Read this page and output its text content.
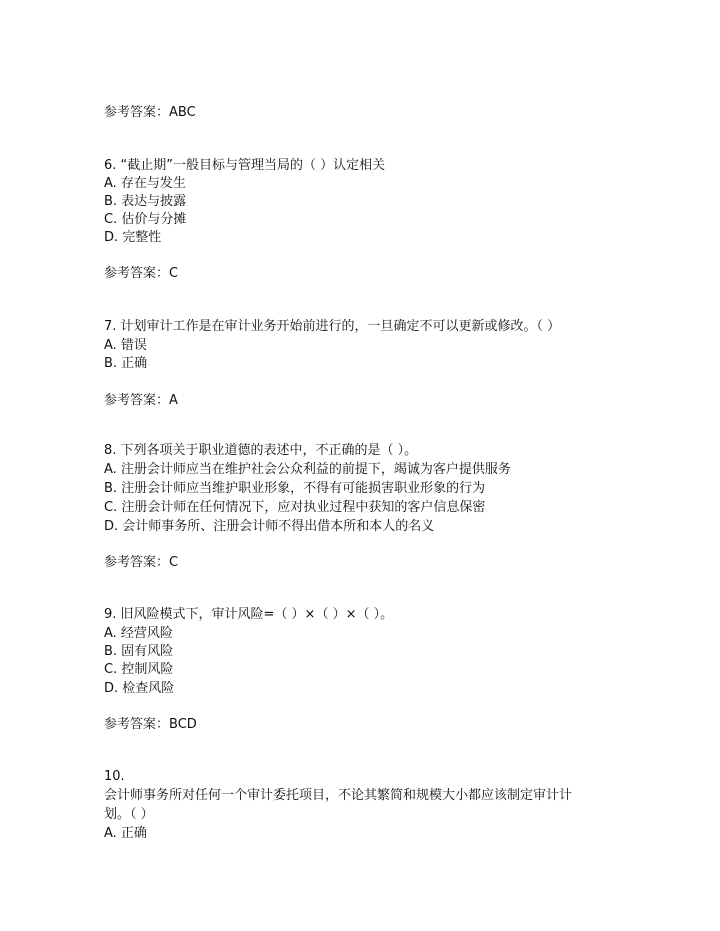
参考答案：ABC
6. “截止期”一般目标与管理当局的（ ）认定相关
A. 存在与发生
B. 表达与披露
C. 估价与分摊
D. 完整性
参考答案：C
7. 计划审计工作是在审计业务开始前进行的，一旦确定不可以更新或修改。（ ）
A. 错误
B. 正确
参考答案：A
8. 下列各项关于职业道德的表述中，不正确的是（ ）。
A. 注册会计师应当在维护社会公众利益的前提下，竭诚为客户提供服务
B. 注册会计师应当维护职业形象，不得有可能损害职业形象的行为
C. 注册会计师在任何情况下，应对执业过程中获知的客户信息保密
D. 会计师事务所、注册会计师不得出借本所和本人的名义
参考答案：C
9. 旧风险模式下，审计风险=（ ）×（ ）×（ ）。
A. 经营风险
B. 固有风险
C. 控制风险
D. 检查风险
参考答案：BCD
10.
会计师事务所对任何一个审计委托项目，不论其繁简和规模大小都应该制定审计计
划。（ ）
A. 正确
